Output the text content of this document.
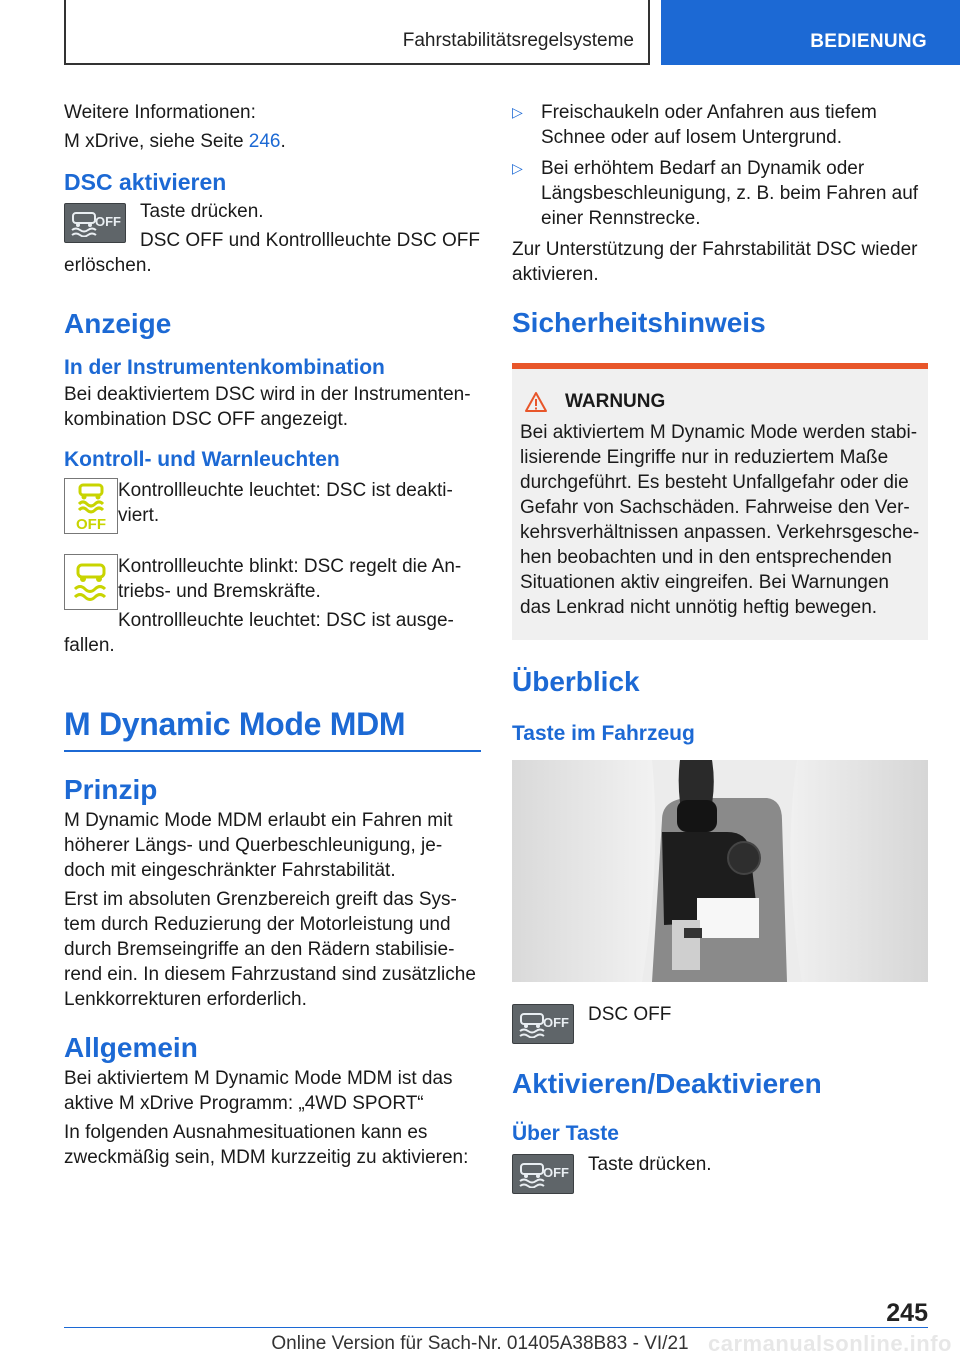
Fahrstabilitätsregelsysteme	BEDIENUNG

Weitere Informationen:

M xDrive, siehe Seite 246.

DSC aktivieren
OFF	Taste drücken.

DSC OFF und Kontrollleuchte DSC OFF erlöschen.

Anzeige
In der Instrumentenkombination

Bei deaktiviertem DSC wird in der Instrumenten-kombination DSC OFF angezeigt.

Kontroll- und Warnleuchten
OFF

Kontrollleuchte leuchtet: DSC ist deakti-viert.

Kontrollleuchte blinkt: DSC regelt die An-triebs- und Bremskräfte.

Kontrollleuchte leuchtet: DSC ist ausge-fallen.

M Dynamic Mode MDM
Prinzip

M Dynamic Mode MDM erlaubt ein Fahren mit höherer Längs- und Querbeschleunigung, je-doch mit eingeschränkter Fahrstabilität.

Erst im absoluten Grenzbereich greift das Sys-tem durch Reduzierung der Motorleistung und durch Bremseingriffe an den Rädern stabilisie-rend ein. In diesem Fahrzustand sind zusätzliche Lenkkorrekturen erforderlich.

Allgemein

Bei aktiviertem M Dynamic Mode MDM ist das aktive M xDrive Programm: „4WD SPORT“

In folgenden Ausnahmesituationen kann es zweckmäßig sein, MDM kurzzeitig zu aktivieren:

▷ Freischaukeln oder Anfahren aus tiefem Schnee oder auf losem Untergrund.
▷ Bei erhöhtem Bedarf an Dynamik oder Längsbeschleunigung, z. B. beim Fahren auf einer Rennstrecke.

Zur Unterstützung der Fahrstabilität DSC wieder aktivieren.

Sicherheitshinweis
WARNUNG

Bei aktiviertem M Dynamic Mode werden stabi-lisierende Eingriffe nur in reduziertem Maße durchgeführt. Es besteht Unfallgefahr oder die Gefahr von Sachschäden. Fahrweise den Ver-kehrsverhältnissen anpassen. Verkehrsgesche-hen beobachten und in den entsprechenden Situationen aktiv eingreifen. Bei Warnungen das Lenkrad nicht unnötig heftig bewegen.

Überblick
Taste im Fahrzeug
OFF	DSC OFF

Aktivieren/Deaktivieren
Über Taste
OFF	Taste drücken.

245
Online Version für Sach-Nr. 01405A38B83 - VI/21 carmanualsonline.info
